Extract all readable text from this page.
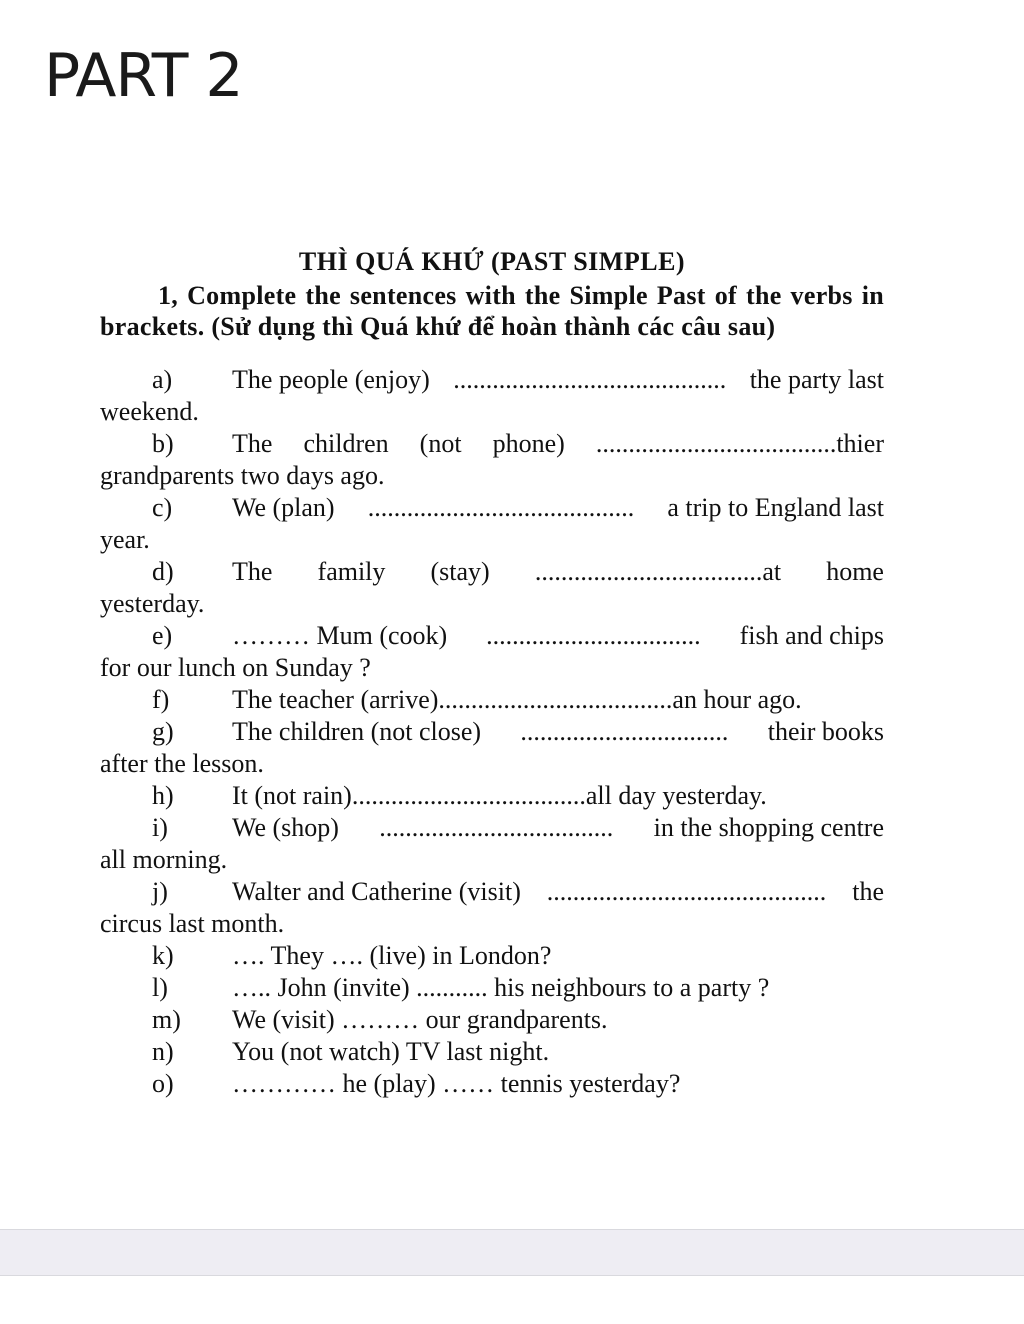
PART 2
THÌ QUÁ KHỨ (PAST SIMPLE)
1, Complete the sentences with the Simple Past of the verbs in brackets. (Sử dụng thì Quá khứ để hoàn thành các câu sau)
a)	The people (enjoy) .......................................... the party last
weekend.
b)	The children (not phone) .....................................thier
grandparents two days ago.
c)	We (plan) ......................................... a trip to England last
year.
d)	The family (stay) ...................................at home
yesterday.
e)	……… Mum (cook) ................................. fish and chips
for our lunch on Sunday ?
f)	The teacher (arrive) .................................... an hour ago.
g)	The children (not close) ................................ their books
after the lesson.
h)	It (not rain) .................................... all day yesterday.
i)	We (shop) .................................... in the shopping centre
all morning.
j)	Walter and Catherine (visit) ........................................... the
circus last month.
k)	…. They …. (live) in London?
l)	….. John (invite) ........... his neighbours to a party ?
m)	We (visit) ……… our grandparents.
n)	You (not watch) TV last night.
o)	………… he (play) …… tennis yesterday?
